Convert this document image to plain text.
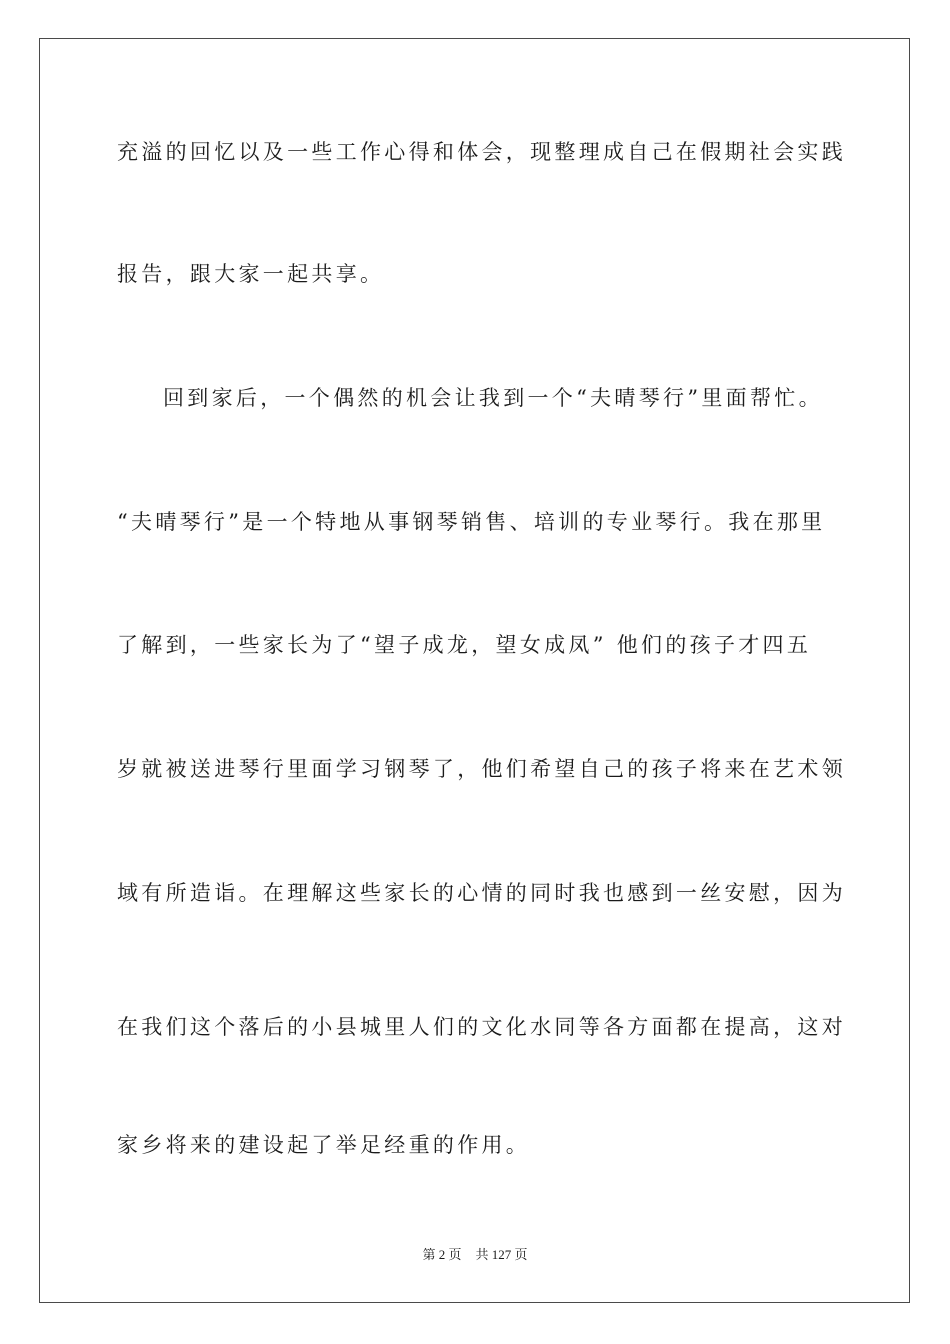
充溢的回忆以及一些工作心得和体会，现整理成自己在假期社会实践
报告，跟大家一起共享。
回到家后，一个偶然的机会让我到一个“夫晴琴行”里面帮忙。
“夫晴琴行”是一个特地从事钢琴销售、培训的专业琴行。我在那里
了解到，一些家长为了“望子成龙，望女成凤” 他们的孩子才四五
岁就被送进琴行里面学习钢琴了，他们希望自己的孩子将来在艺术领
域有所造诣。在理解这些家长的心情的同时我也感到一丝安慰，因为
在我们这个落后的小县城里人们的文化水同等各方面都在提高，这对
家乡将来的建设起了举足经重的作用。
第 2 页 共 127 页
